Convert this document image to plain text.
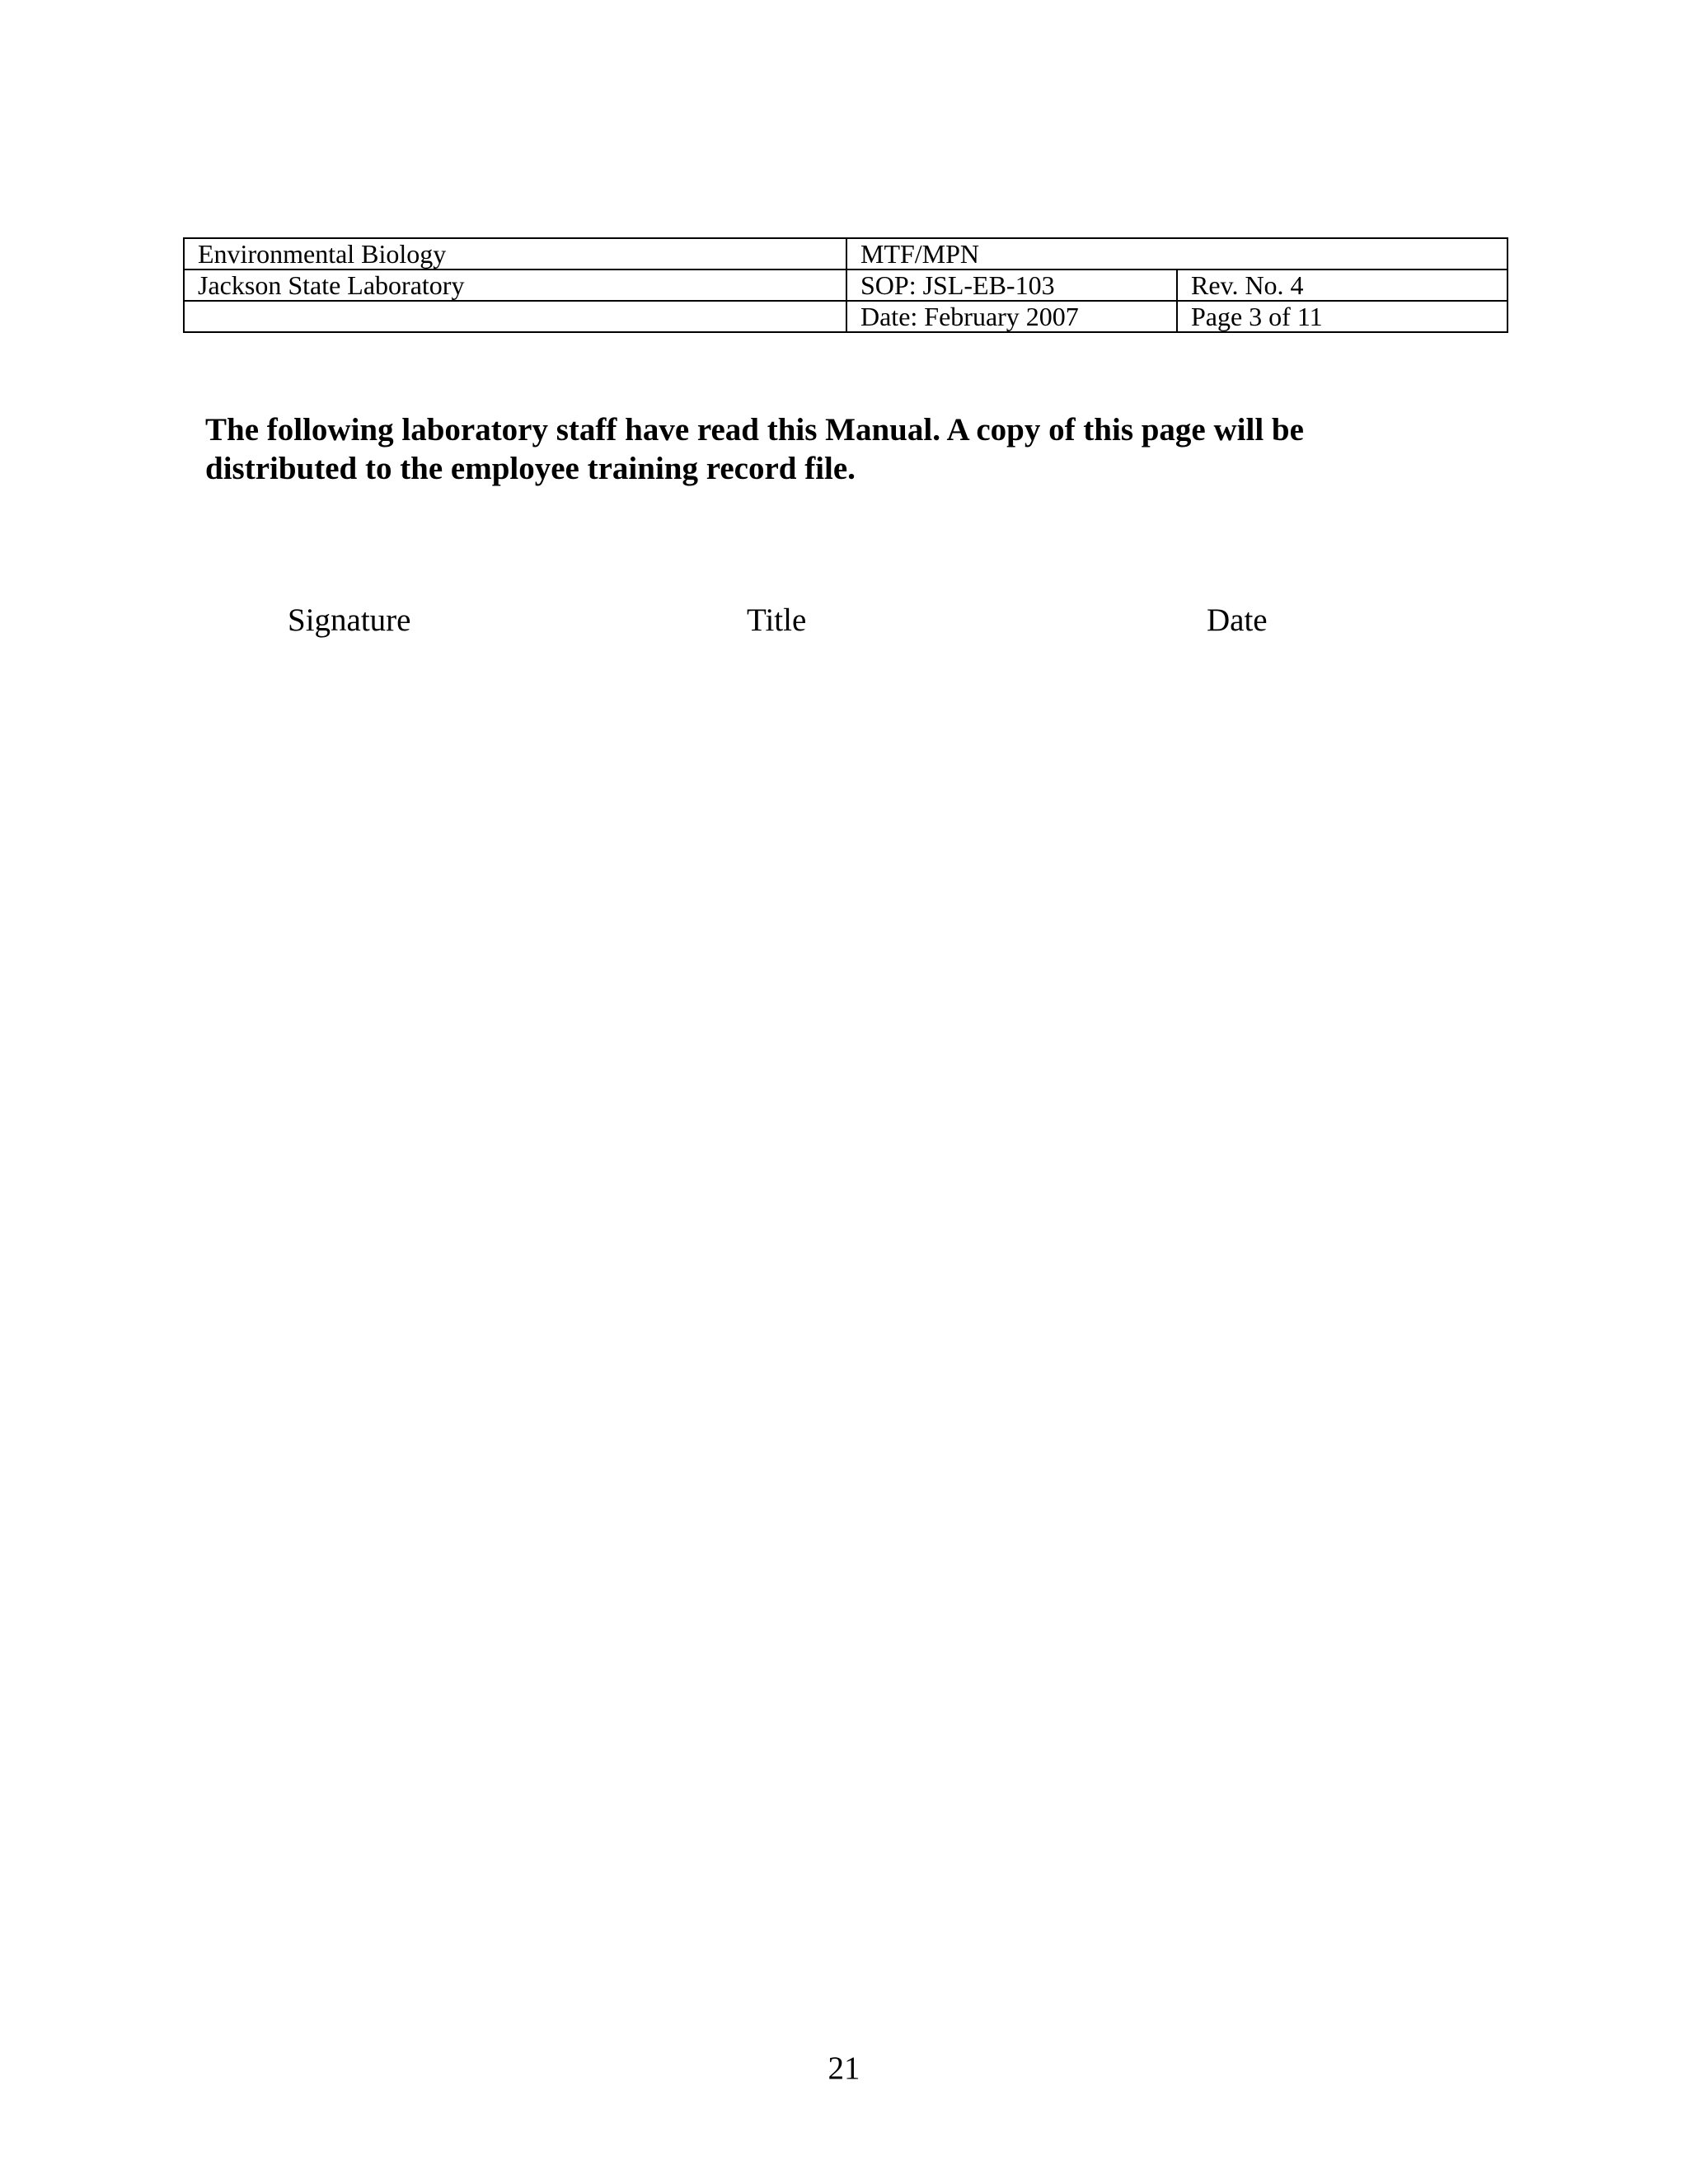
Environmental Biology	MTF/MPN	
Jackson State Laboratory	SOP: JSL-EB-103	Rev. No. 4
	Date: February 2007	Page 3 of 11
The following laboratory staff have read this Manual. A copy of this page will be
distributed to the employee training record file.
Signature	Title	Date
21
